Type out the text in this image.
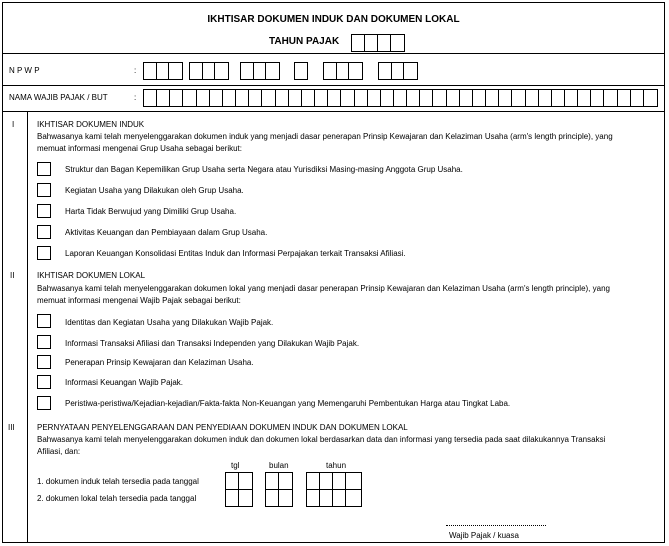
IKHTISAR DOKUMEN INDUK DAN DOKUMEN LOKAL
TAHUN PAJAK
N P W P	:
NAMA WAJIB PAJAK / BUT	:
I	IKHTISAR DOKUMEN INDUK
Bahwasanya kami telah menyelenggarakan dokumen induk yang menjadi dasar penerapan Prinsip Kewajaran dan Kelaziman Usaha (arm's length principle), yang
memuat informasi mengenai Grup Usaha sebagai berikut:
Struktur dan Bagan Kepemilikan Grup Usaha serta Negara atau Yurisdiksi Masing-masing Anggota Grup Usaha.
Kegiatan Usaha yang Dilakukan oleh Grup Usaha.
Harta Tidak Berwujud yang Dimiliki Grup Usaha.
Aktivitas Keuangan dan Pembiayaan dalam Grup Usaha.
Laporan Keuangan Konsolidasi Entitas Induk dan Informasi Perpajakan terkait Transaksi Afiliasi.
II	IKHTISAR DOKUMEN LOKAL
Bahwasanya kami telah menyelenggarakan dokumen lokal yang menjadi dasar penerapan Prinsip Kewajaran dan Kelaziman Usaha (arm's length principle), yang
memuat informasi mengenai Wajib Pajak sebagai berikut:
Identitas dan Kegiatan Usaha yang Dilakukan Wajib Pajak.
Informasi Transaksi Afiliasi dan Transaksi Independen yang Dilakukan Wajib Pajak.
Penerapan Prinsip Kewajaran dan Kelaziman Usaha.
Informasi Keuangan Wajib Pajak.
Peristiwa-peristiwa/Kejadian-kejadian/Fakta-fakta Non-Keuangan yang Memengaruhi Pembentukan Harga atau Tingkat Laba.
III	PERNYATAAN PENYELENGGARAAN DAN PENYEDIAAN DOKUMEN INDUK DAN DOKUMEN LOKAL
Bahwasanya kami telah menyelenggarakan dokumen induk dan dokumen lokal berdasarkan data dan informasi yang tersedia pada saat dilakukannya Transaksi
Afiliasi, dan:
tgl	bulan	tahun
1. dokumen induk telah tersedia pada tanggal
2. dokumen lokal telah tersedia pada tanggal
Wajib Pajak / kuasa
